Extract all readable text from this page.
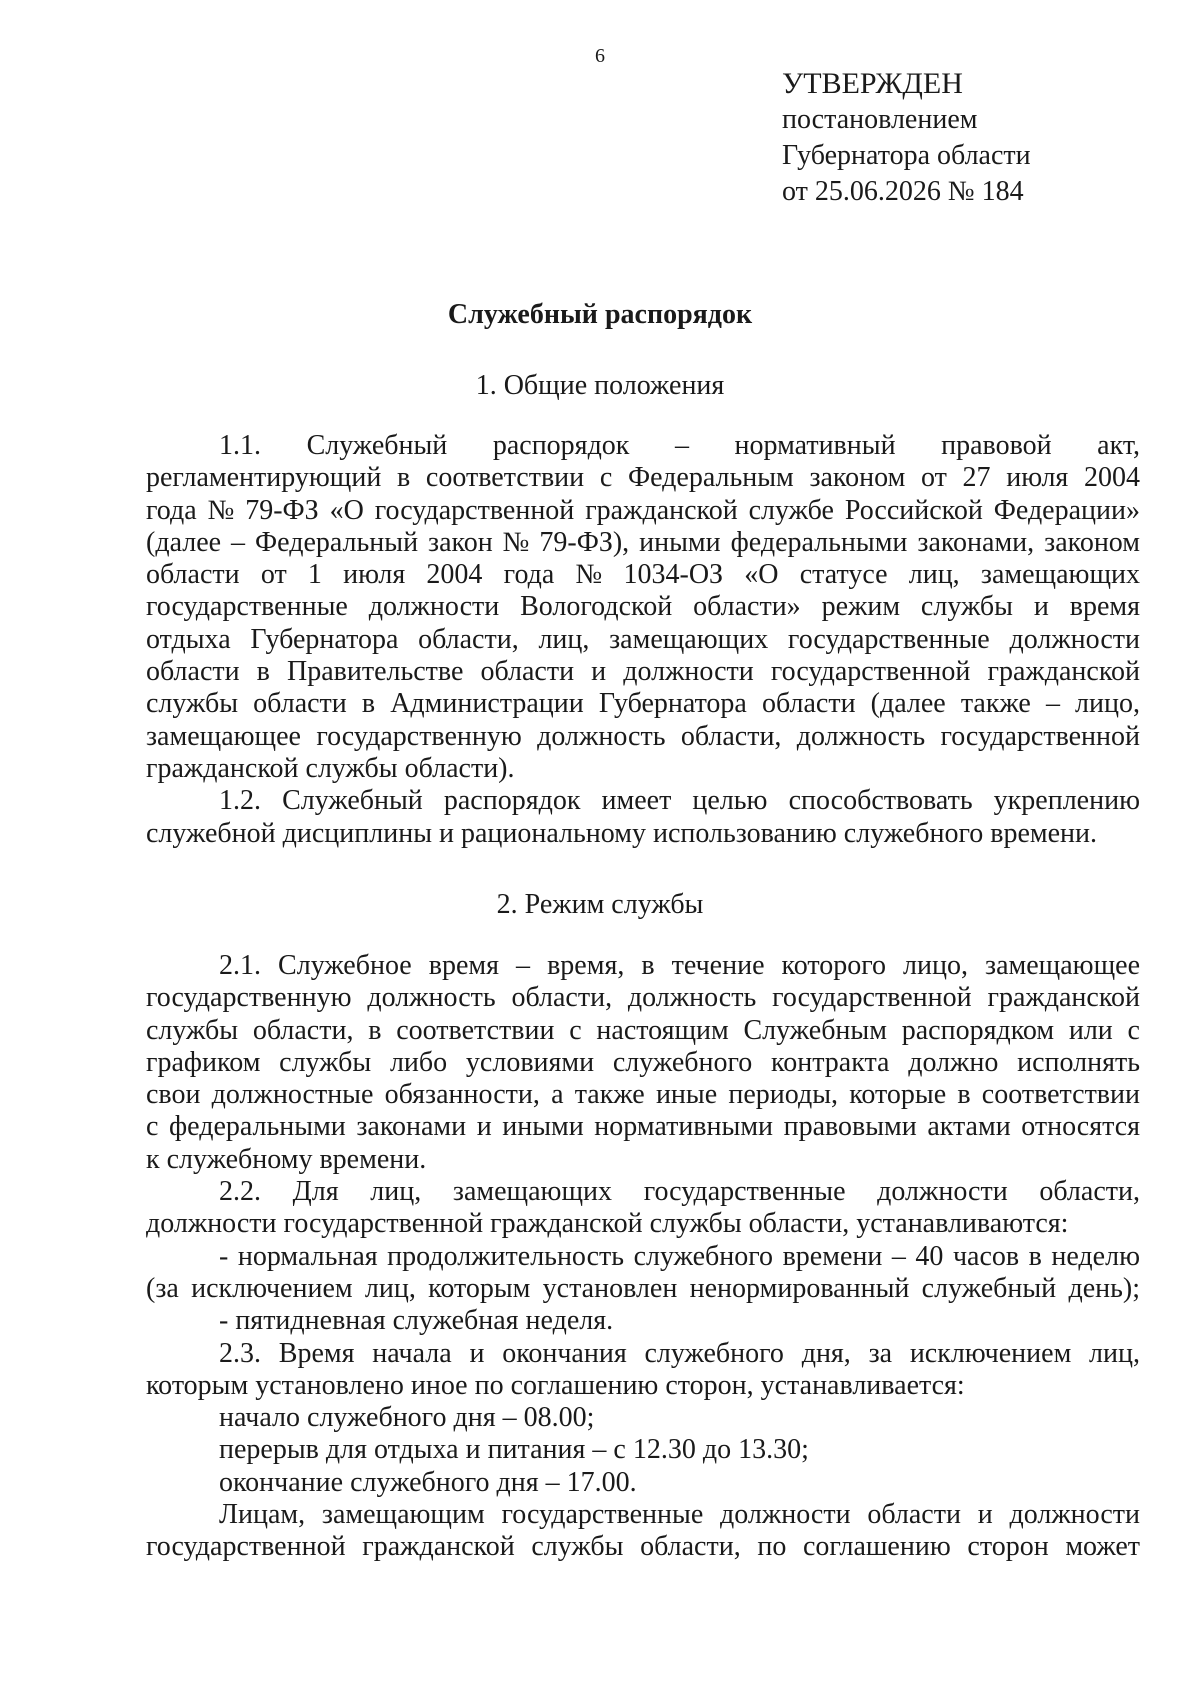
6
УТВЕРЖДЕН
постановлением
Губернатора области
от 25.06.2026 № 184
Служебный распорядок
1. Общие положения
1.1. Служебный распорядок – нормативный правовой акт,
регламентирующий в соответствии с Федеральным законом от 27 июля 2004
года № 79-ФЗ «О государственной гражданской службе Российской Федерации»
(далее – Федеральный закон № 79-ФЗ), иными федеральными законами, законом
области от 1 июля 2004 года № 1034-ОЗ «О статусе лиц, замещающих
государственные должности Вологодской области» режим службы и время
отдыха Губернатора области, лиц, замещающих государственные должности
области в Правительстве области и должности государственной гражданской
службы области в Администрации Губернатора области (далее также – лицо,
замещающее государственную должность области, должность государственной
гражданской службы области).
1.2. Служебный распорядок имеет целью способствовать укреплению
служебной дисциплины и рациональному использованию служебного времени.
2. Режим службы
2.1. Служебное время – время, в течение которого лицо, замещающее
государственную должность области, должность государственной гражданской
службы области, в соответствии с настоящим Служебным распорядком или с
графиком службы либо условиями служебного контракта должно исполнять
свои должностные обязанности, а также иные периоды, которые в соответствии
с федеральными законами и иными нормативными правовыми актами относятся
к служебному времени.
2.2. Для лиц, замещающих государственные должности области,
должности государственной гражданской службы области, устанавливаются:
- нормальная продолжительность служебного времени – 40 часов в неделю
(за исключением лиц, которым установлен ненормированный служебный день);
- пятидневная служебная неделя.
2.3. Время начала и окончания служебного дня, за исключением лиц,
которым установлено иное по соглашению сторон, устанавливается:
начало служебного дня – 08.00;
перерыв для отдыха и питания – с 12.30 до 13.30;
окончание служебного дня – 17.00.
Лицам, замещающим государственные должности области и должности
государственной гражданской службы области, по соглашению сторон может
